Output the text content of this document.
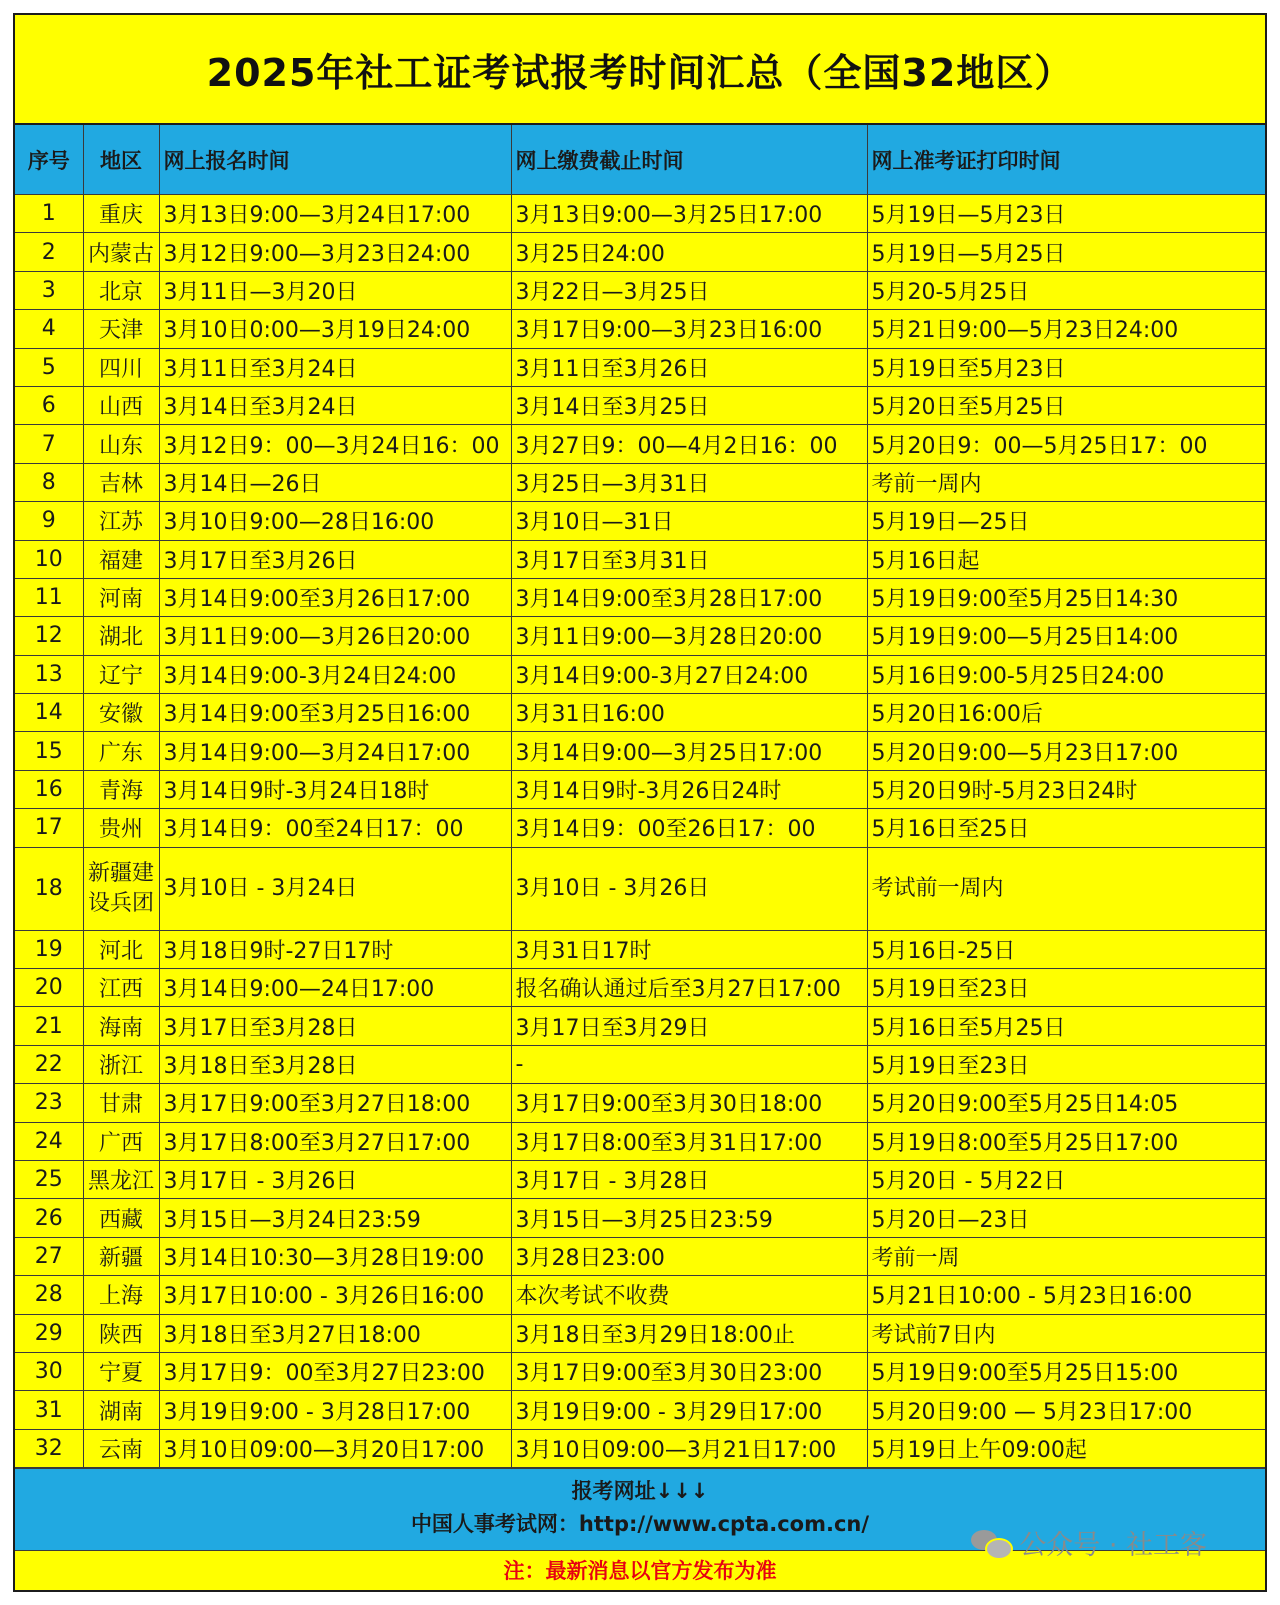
2025年社工证考试报考时间汇总（全国32地区）
序号	地区	网上报名时间	网上缴费截止时间	网上准考证打印时间
1	重庆	3月13日9:00—3月24日17:00	3月13日9:00—3月25日17:00	5月19日—5月23日
2	内蒙古	3月12日9:00—3月23日24:00	3月25日24:00	5月19日—5月25日
3	北京	3月11日—3月20日	3月22日—3月25日	5月20-5月25日
4	天津	3月10日0:00—3月19日24:00	3月17日9:00—3月23日16:00	5月21日9:00—5月23日24:00
5	四川	3月11日至3月24日	3月11日至3月26日	5月19日至5月23日
6	山西	3月14日至3月24日	3月14日至3月25日	5月20日至5月25日
7	山东	3月12日9：00—3月24日16：00	3月27日9：00—4月2日16：00	5月20日9：00—5月25日17：00
8	吉林	3月14日—26日	3月25日—3月31日	考前一周内
9	江苏	3月10日9:00—28日16:00	3月10日—31日	5月19日—25日
10	福建	3月17日至3月26日	3月17日至3月31日	5月16日起
11	河南	3月14日9:00至3月26日17:00	3月14日9:00至3月28日17:00	5月19日9:00至5月25日14:30
12	湖北	3月11日9:00—3月26日20:00	3月11日9:00—3月28日20:00	5月19日9:00—5月25日14:00
13	辽宁	3月14日9:00-3月24日24:00	3月14日9:00-3月27日24:00	5月16日9:00-5月25日24:00
14	安徽	3月14日9:00至3月25日16:00	3月31日16:00	5月20日16:00后
15	广东	3月14日9:00—3月24日17:00	3月14日9:00—3月25日17:00	5月20日9:00—5月23日17:00
16	青海	3月14日9时-3月24日18时	3月14日9时-3月26日24时	5月20日9时-5月23日24时
17	贵州	3月14日9：00至24日17：00	3月14日9：00至26日17：00	5月16日至25日
18	新疆建设兵团	3月10日 - 3月24日	3月10日 - 3月26日	考试前一周内
19	河北	3月18日9时-27日17时	3月31日17时	5月16日-25日
20	江西	3月14日9:00—24日17:00	报名确认通过后至3月27日17:00	5月19日至23日
21	海南	3月17日至3月28日	3月17日至3月29日	5月16日至5月25日
22	浙江	3月18日至3月28日	-	5月19日至23日
23	甘肃	3月17日9:00至3月27日18:00	3月17日9:00至3月30日18:00	5月20日9:00至5月25日14:05
24	广西	3月17日8:00至3月27日17:00	3月17日8:00至3月31日17:00	5月19日8:00至5月25日17:00
25	黑龙江	3月17日 - 3月26日	3月17日 - 3月28日	5月20日 - 5月22日
26	西藏	3月15日—3月24日23:59	3月15日—3月25日23:59	5月20日—23日
27	新疆	3月14日10:30—3月28日19:00	3月28日23:00	考前一周
28	上海	3月17日10:00 - 3月26日16:00	本次考试不收费	5月21日10:00 - 5月23日16:00
29	陕西	3月18日至3月27日18:00	3月18日至3月29日18:00止	考试前7日内
30	宁夏	3月17日9：00至3月27日23:00	3月17日9:00至3月30日23:00	5月19日9:00至5月25日15:00
31	湖南	3月19日9:00 - 3月28日17:00	3月19日9:00 - 3月29日17:00	5月20日9:00 — 5月23日17:00
32	云南	3月10日09:00—3月20日17:00	3月10日09:00—3月21日17:00	5月19日上午09:00起
报考网址↓↓↓
中国人事考试网：http://www.cpta.com.cn/
注：最新消息以官方发布为准
公众号 · 社工客
